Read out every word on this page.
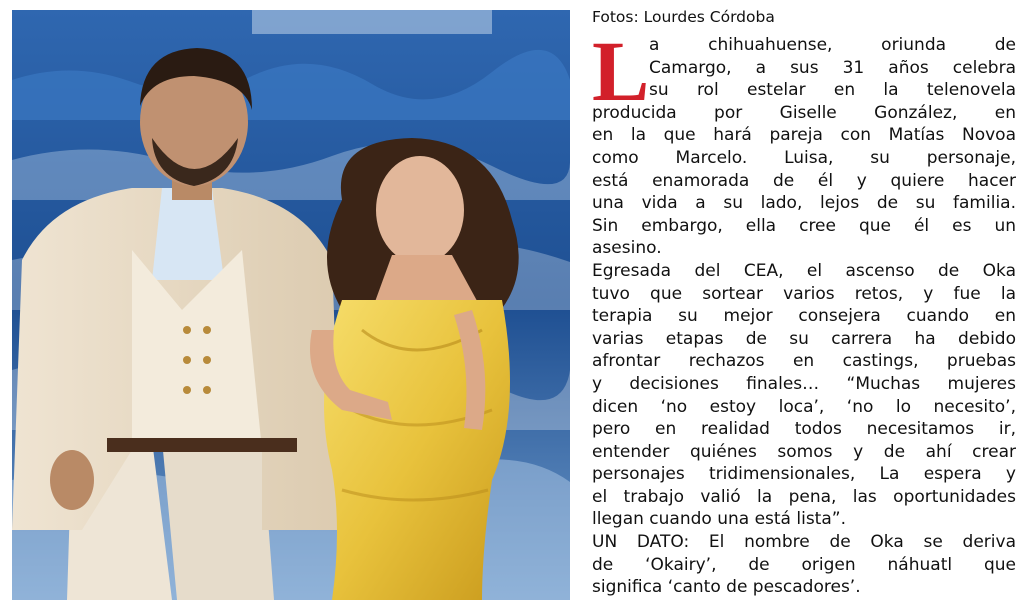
Fotos: Lourdes Córdoba
L a chihuahuense, oriunda de
Camargo, a sus 31 años celebra
su rol estelar en la telenovela
producida por Giselle González, en
en la que hará pareja con Matías Novoa
como Marcelo. Luisa, su personaje,
está enamorada de él y quiere hacer
una vida a su lado, lejos de su familia.
Sin embargo, ella cree que él es un
asesino.
Egresada del CEA, el ascenso de Oka
tuvo que sortear varios retos, y fue la
terapia su mejor consejera cuando en
varias etapas de su carrera ha debido
afrontar rechazos en castings, pruebas
y decisiones finales… “Muchas mujeres
dicen ‘no estoy loca’, ‘no lo necesito’,
pero en realidad todos necesitamos ir,
entender quiénes somos y de ahí crear
personajes tridimensionales, La espera y
el trabajo valió la pena, las oportunidades
llegan cuando una está lista”.
UN DATO: El nombre de Oka se deriva
de ‘Okairy’, de origen náhuatl que
significa ‘canto de pescadores’.
